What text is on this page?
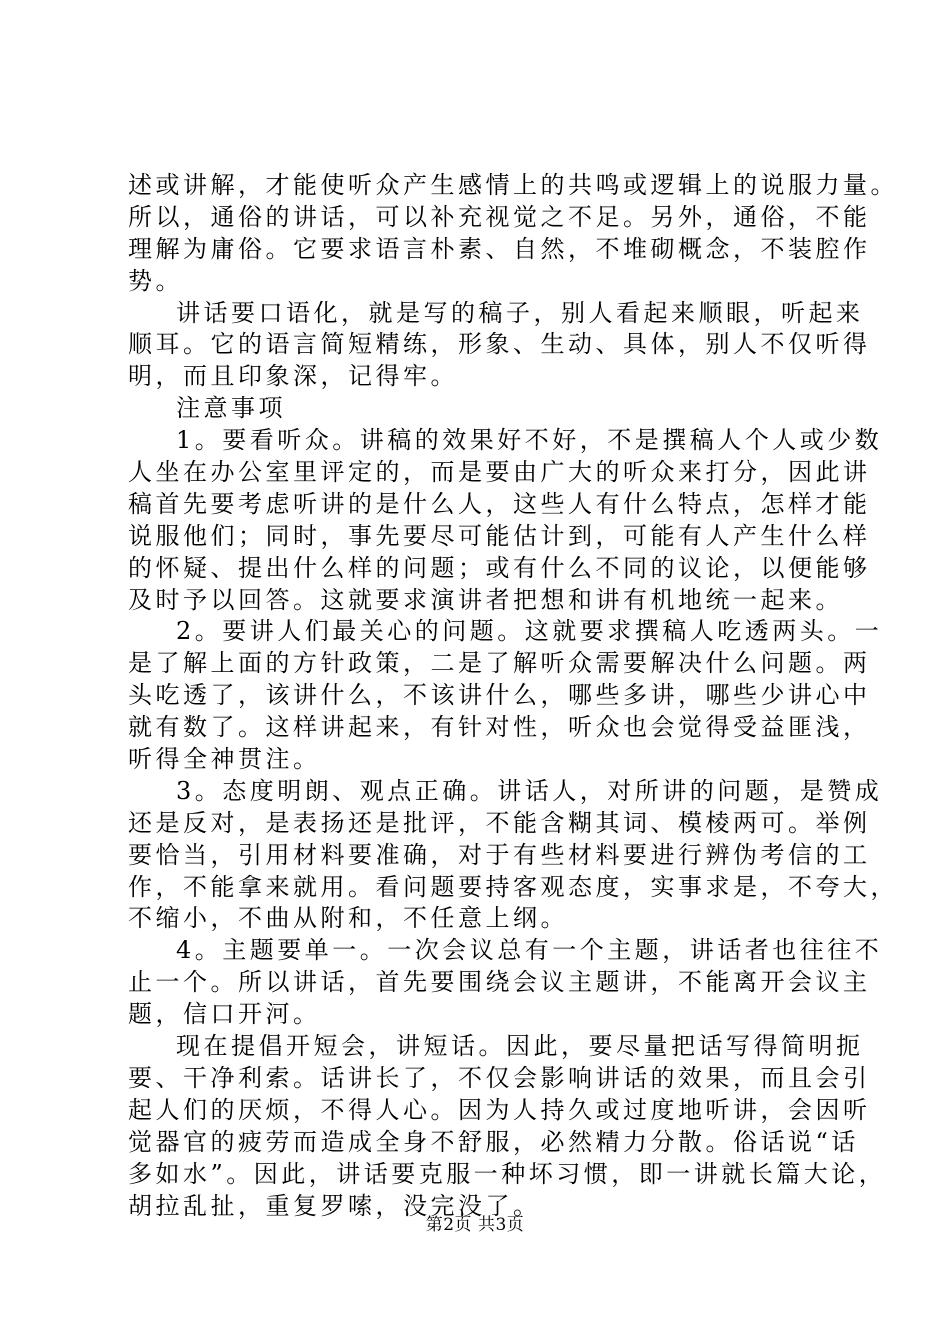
述或讲解，才能使听众产生感情上的共鸣或逻辑上的说服力量。
所以，通俗的讲话，可以补充视觉之不足。另外，通俗，不能
理解为庸俗。它要求语言朴素、自然，不堆砌概念，不装腔作
势。
讲话要口语化，就是写的稿子，别人看起来顺眼，听起来
顺耳。它的语言简短精练，形象、生动、具体，别人不仅听得
明，而且印象深，记得牢。
注意事项
1。要看听众。讲稿的效果好不好，不是撰稿人个人或少数
人坐在办公室里评定的，而是要由广大的听众来打分，因此讲
稿首先要考虑听讲的是什么人，这些人有什么特点，怎样才能
说服他们；同时，事先要尽可能估计到，可能有人产生什么样
的怀疑、提出什么样的问题；或有什么不同的议论，以便能够
及时予以回答。这就要求演讲者把想和讲有机地统一起来。
2。要讲人们最关心的问题。这就要求撰稿人吃透两头。一
是了解上面的方针政策，二是了解听众需要解决什么问题。两
头吃透了，该讲什么，不该讲什么，哪些多讲，哪些少讲心中
就有数了。这样讲起来，有针对性，听众也会觉得受益匪浅，
听得全神贯注。
3。态度明朗、观点正确。讲话人，对所讲的问题，是赞成
还是反对，是表扬还是批评，不能含糊其词、模棱两可。举例
要恰当，引用材料要准确，对于有些材料要进行辨伪考信的工
作，不能拿来就用。看问题要持客观态度，实事求是，不夸大，
不缩小，不曲从附和，不任意上纲。
4。主题要单一。一次会议总有一个主题，讲话者也往往不
止一个。所以讲话，首先要围绕会议主题讲，不能离开会议主
题，信口开河。
现在提倡开短会，讲短话。因此，要尽量把话写得简明扼
要、干净利索。话讲长了，不仅会影响讲话的效果，而且会引
起人们的厌烦，不得人心。因为人持久或过度地听讲，会因听
觉器官的疲劳而造成全身不舒服，必然精力分散。俗话说“话
多如水”。因此，讲话要克服一种坏习惯，即一讲就长篇大论，
胡拉乱扯，重复罗嗦，没完没了。
第2页 共3页
